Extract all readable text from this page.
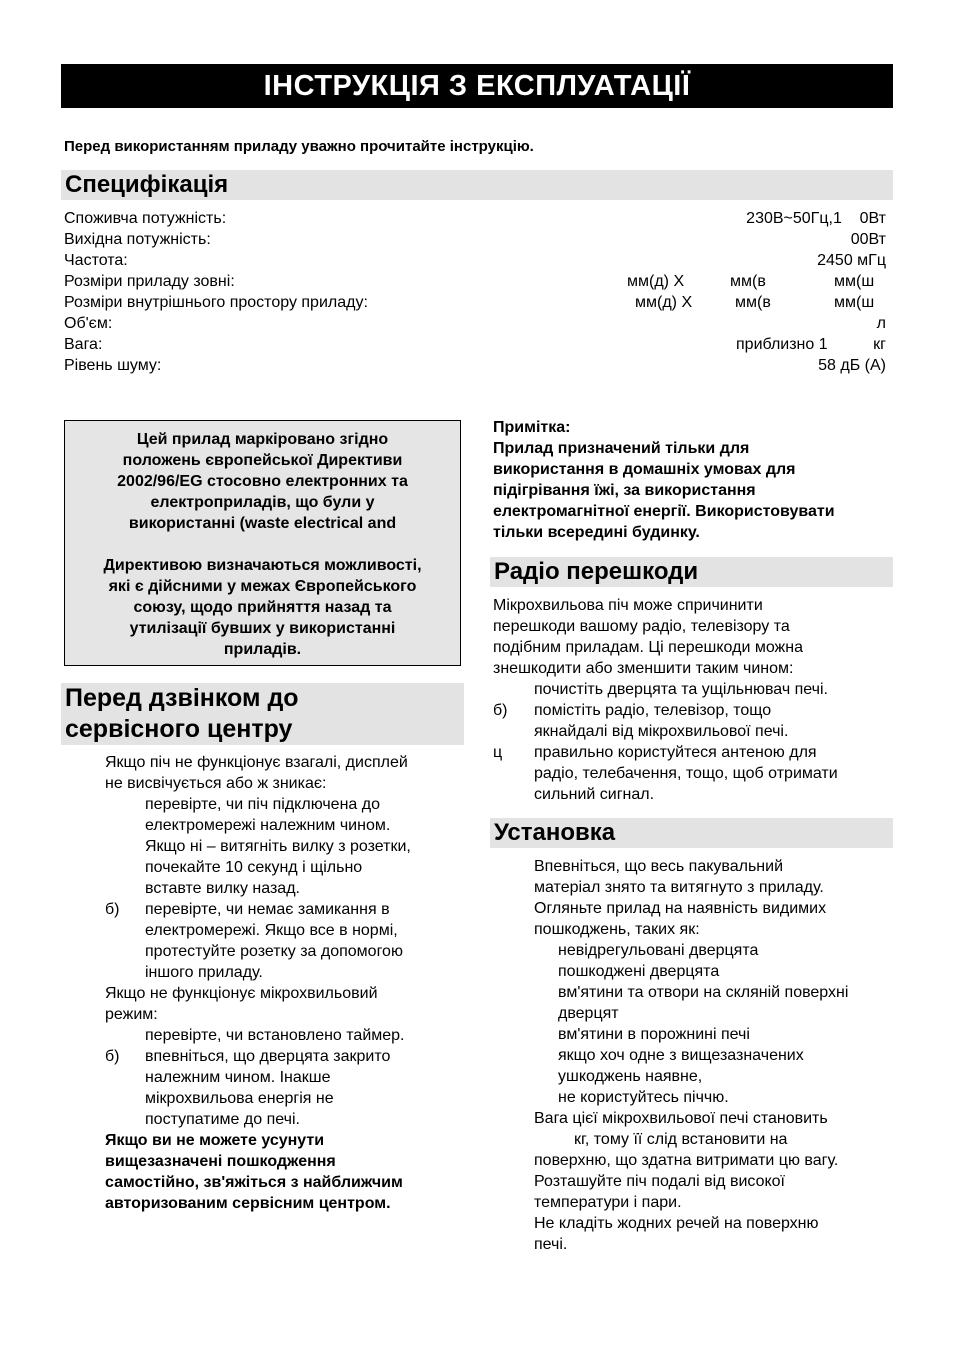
ІНСТРУКЦІЯ З ЕКСПЛУАТАЦІЇ
Перед використанням приладу уважно прочитайте інструкцію.
Специфікація
Споживча потужність:	230В~50Гц,1    0Вт
Вихідна потужність:	00Вт
Частота:	2450 мГц
Розміри приладу зовні:	мм(д) X	мм(в	мм(ш
Розміри внутрішнього простору приладу:	мм(д) X	мм(в	мм(ш
Об'єм:	л
Вага:	приблизно 1	кг
Рівень шуму:	58 дБ (А)

Цей прилад маркіровано згідно

положень європейської Директиви

2002/96/EG стосовно електронних та

електроприладів, що були у

використанні (waste electrical and

Директивою визначаються можливості,

які є дійсними у межах Європейського

союзу, щодо прийняття назад та

утилізації бувших у використанні

приладів.

Перед дзвінком до
сервісного центру
Якщо піч не функціонує взагалі, дисплей
не висвічується або ж зникає:
перевірте, чи піч підключена до
електромережі належним чином.
Якщо ні – витягніть вилку з розетки,
почекайте 10 секунд і щільно
вставте вилку назад.
б) перевірте, чи немає замикання в
електромережі. Якщо все в нормі,
протестуйте розетку за допомогою
іншого приладу.
Якщо не функціонує мікрохвильовий
режим:
перевірте, чи встановлено таймер.
б) впевніться, що дверцята закрито
належним чином. Інакше
мікрохвильова енергія не
поступатиме до печі.
Якщо ви не можете усунути
вищезазначені пошкодження
самостійно, зв'яжіться з найближчим
авторизованим сервісним центром.
Примітка:
Прилад призначений тільки для
використання в домашніх умовах для
підігрівання їжі, за використання
електромагнітної енергії. Використовувати
тільки всередині будинку.
Радіо перешкоди
Мікрохвильова піч може спричинити
перешкоди вашому радіо, телевізору та
подібним приладам. Ці перешкоди можна
знешкодити або зменшити таким чином:
почистіть дверцята та ущільнювач печі.
б) помістіть радіо, телевізор, тощо
якнайдалі від мікрохвильової печі.
ц правильно користуйтеся антеною для
радіо, телебачення, тощо, щоб отримати
сильний сигнал.
Установка
Впевніться, що весь пакувальний
матеріал знято та витягнуто з приладу.
Огляньте прилад на наявність видимих
пошкоджень, таких як:
невідрегульовані дверцята
пошкоджені дверцята
вм'ятини та отвори на скляній поверхні
дверцят
вм'ятини в порожнині печі
якщо хоч одне з вищезазначених
ушкоджень наявне,
не користуйтесь піччю.
Вага цієї мікрохвильової печі становить
кг, тому її слід встановити на
поверхню, що здатна витримати цю вагу.
Розташуйте піч подалі від високої
температури і пари.
Не кладіть жодних речей на поверхню
печі.
